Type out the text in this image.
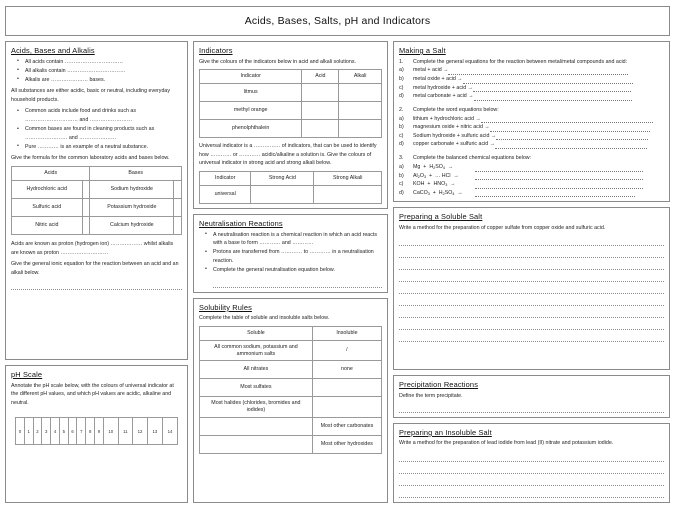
Acids, Bases, Salts, pH and Indicators
Acids, Bases and Alkalis
• All acids contain ……………………………
• All alkalis contain ……………………………
• Alkalis are ………………… bases.

All substances are either acidic, basic or neutral, including everyday household products.

• Common acids include food and drinks such as ………………………… and ……………………
• Common bases are found in cleaning products such as …………………… and …………………
• Pure ………… is an example of a neutral substance.

Give the formula for the common laboratory acids and bases below.

Acids		Bases	
Hydrochloric acid		Sodium hydroxide	
Sulfuric acid		Potassium hydroxide	
Nitric acid		Calcium hydroxide	

Acids are known as proton (hydrogen ion) ……………… whilst alkalis are known as proton ………………………

Give the general ionic equation for the reaction between an acid and an alkali below.

pH Scale

Annotate the pH scale below, with the colours of universal indicator at the different pH values, and which pH values are acidic, alkaline and neutral.

0	1	2	3	4	5	6	7	8	9	10	11	12	13	14
Indicators

Give the colours of the indicators below in acid and alkali solutions.

Indicator	Acid	Alkali
litmus		
methyl orange		
phenolphthalein		

Universal indicator is a …………… of indicators, that can be used to identify how ………… or ………… acidic/alkaline a solution is. Give the colours of universal indicator in strong acid and strong alkali below.

Indicator	Strong Acid	Strong Alkali
universal		
Neutralisation Reactions
• A neutralisation reaction is a chemical reaction in which an acid reacts with a base to form ………… and …………
• Protons are transferred from ………… to ………… in a neutralisation reaction.
• Complete the general neutralisation equation below.
Solubility Rules

Complete the table of soluble and insoluble salts below.

Soluble	Insoluble
All common sodium, potassium and ammonium salts	/
All nitrates	none
Most sulfates	
Most halides (chlorides, bromides and iodides)	
	Most other carbonates
	Most other hydroxides
Making a Salt
1.	Complete the general equations for the reaction between metal/metal compounds and acid:
a)	metal + acid →
b)	metal oxide + acid →
c)	metal hydroxide + acid →
d)	metal carbonate + acid →
2.	Complete the word equations below:
a)	lithium + hydrochloric acid →
b)	magnesium oxide + nitric acid →
c)	Sodium hydroxide + sulfuric acid →
d)	copper carbonate + sulfuric acid →
3.	Complete the balanced chemical equations below:
a)	$Mg + H_2SO_4$  →
b)	$Al_2O_3$  +  … HCl  →
c)	KOH  +  $HNO_3$  →
d)	CaCO$_3$  +  $H_2SO_4$  →
Preparing a Soluble Salt

Write a method for the preparation of copper sulfate from copper oxide and sulfuric acid.

Precipitation Reactions

Define the term precipitate.

Preparing an Insoluble Salt

Write a method for the preparation of lead iodide from lead (II) nitrate and potassium iodide.
